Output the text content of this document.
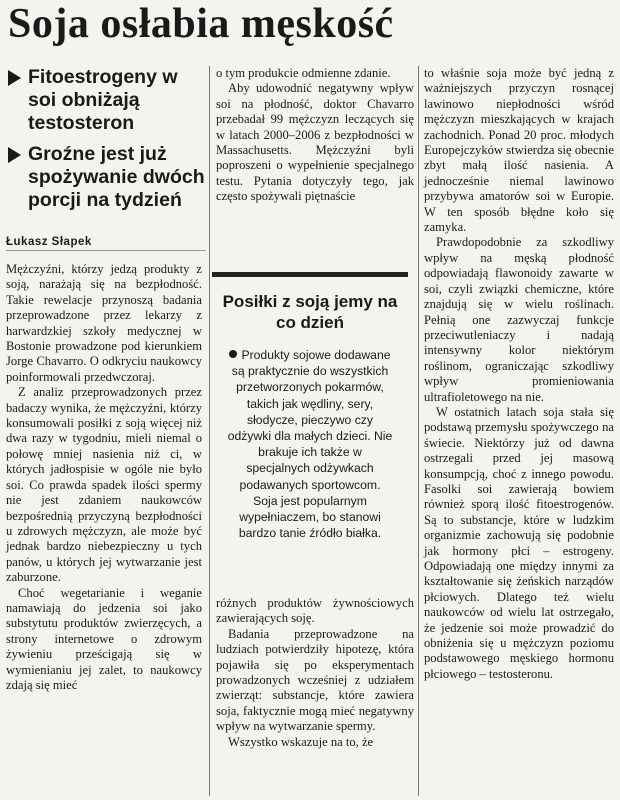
Soja osłabia męskość
Fitoestrogeny w soi obniżają testosteron
Groźne jest już spożywanie dwóch porcji na tydzień
Łukasz Słapek

Mężczyźni, którzy jedzą produkty z soją, narażają się na bezpłodność. Takie rewelacje przynoszą badania przeprowadzone przez lekarzy z harwardzkiej szkoły medycznej w Bostonie prowadzone pod kierunkiem Jorge Chavarro. O odkryciu naukowcy poinformowali przedwczoraj.

Z analiz przeprowadzonych przez badaczy wynika, że mężczyźni, którzy konsumowali posiłki z soją więcej niż dwa razy w tygodniu, mieli niemal o połowę mniej nasienia niż ci, w których jadłospisie w ogóle nie było soi. Co prawda spadek ilości spermy nie jest zdaniem naukowców bezpośrednią przyczyną bezpłodności u zdrowych mężczyzn, ale może być jednak bardzo niebezpieczny u tych panów, u których jej wytwarzanie jest zaburzone.

Choć wegetarianie i weganie namawiają do jedzenia soi jako substytutu produktów zwierzęcych, a strony internetowe o zdrowym żywieniu prześcigają się w wymienianiu jej zalet, to naukowcy zdają się mieć

o tym produkcie odmienne zdanie.

Aby udowodnić negatywny wpływ soi na płodność, doktor Chavarro przebadał 99 mężczyzn leczących się w latach 2000–2006 z bezpłodności w Massachusetts. Mężczyźni byli poproszeni o wypełnienie specjalnego testu. Pytania dotyczyły tego, jak często spożywali piętnaście

Posiłki z soją jemy na co dzień
Produkty sojowe dodawane są praktycznie do wszystkich przetworzonych pokarmów, takich jak wędliny, sery, słodycze, pieczywo czy odżywki dla małych dzieci. Nie brakuje ich także w specjalnych odżywkach podawanych sportowcom. Soja jest popularnym wypełniaczem, bo stanowi bardzo tanie źródło białka.

różnych produktów żywnościowych zawierających soję.

Badania przeprowadzone na ludziach potwierdziły hipotezę, która pojawiła się po eksperymentach prowadzonych wcześniej z udziałem zwierząt: substancje, które zawiera soja, faktycznie mogą mieć negatywny wpływ na wytwarzanie spermy.

Wszystko wskazuje na to, że

to właśnie soja może być jedną z ważniejszych przyczyn rosnącej lawinowo niepłodności wśród mężczyzn mieszkających w krajach zachodnich. Ponad 20 proc. młodych Europejczyków stwierdza się obecnie zbyt małą ilość nasienia. A jednocześnie niemal lawinowo przybywa amatorów soi w Europie. W ten sposób błędne koło się zamyka.

Prawdopodobnie za szkodliwy wpływ na męską płodność odpowiadają flawonoidy zawarte w soi, czyli związki chemiczne, które znajdują się w wielu roślinach. Pełnią one zazwyczaj funkcje przeciwutleniaczy i nadają intensywny kolor niektórym roślinom, ograniczając szkodliwy wpływ promieniowania ultrafioletowego na nie.

W ostatnich latach soja stała się podstawą przemysłu spożywczego na świecie. Niektórzy już od dawna ostrzegali przed jej masową konsumpcją, choć z innego powodu. Fasolki soi zawierają bowiem również sporą ilość fitoestrogenów. Są to substancje, które w ludzkim organizmie zachowują się podobnie jak hormony płci – estrogeny. Odpowiadają one między innymi za kształtowanie się żeńskich narządów płciowych. Dlatego też wielu naukowców od wielu lat ostrzegało, że jedzenie soi może prowadzić do obniżenia się u mężczyzn poziomu podstawowego męskiego hormonu płciowego – testosteronu.
